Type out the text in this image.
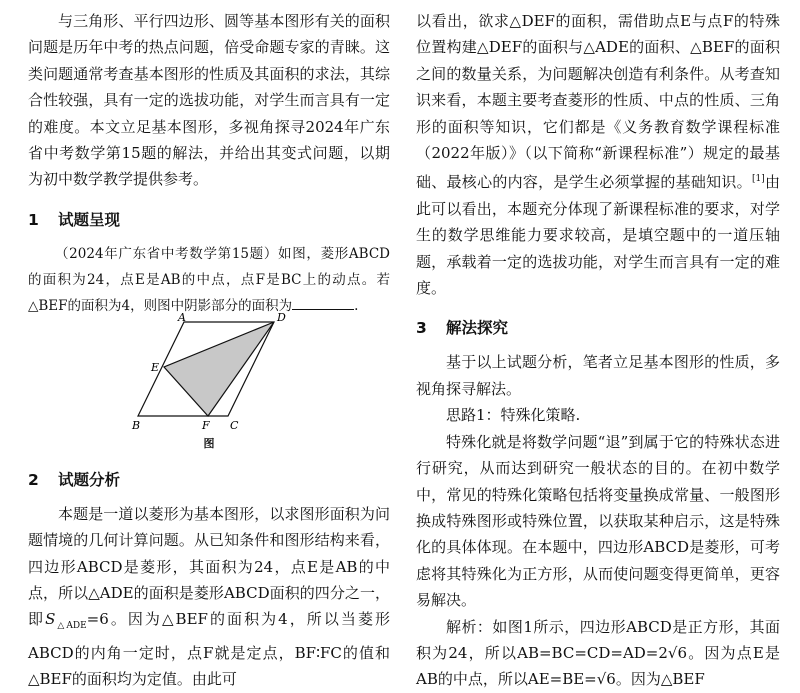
与三角形、平行四边形、圆等基本图形有关的面积问题是历年中考的热点问题，倍受命题专家的青睐。这类问题通常考查基本图形的性质及其面积的求法，其综合性较强，具有一定的选拔功能，对学生而言具有一定的难度。本文立足基本图形，多视角探寻2024年广东省中考数学第15题的解法，并给出其变式问题，以期为初中数学教学提供参考。

1 试题呈现

（2024年广东省中考数学第15题）如图，菱形ABCD的面积为24，点E是AB的中点，点F是BC上的动点。若△BEF的面积为4，则图中阴影部分的面积为	.

A	D
E
B	F C
图
2 试题分析

本题是一道以菱形为基本图形，以求图形面积为问题情境的几何计算问题。从已知条件和图形结构来看，四边形ABCD是菱形，其面积为24，点E是AB的中点，所以△ADE的面积是菱形ABCD面积的四分之一，即$S_{\triangle ADE}=6$。因为△BEF的面积为4，所以当菱形ABCD的内角一定时，点F就是定点，BF∶FC的值和△BEF的面积均为定值。由此可

以看出，欲求△DEF的面积，需借助点E与点F的特殊位置构建△DEF的面积与△ADE的面积、△BEF的面积之间的数量关系，为问题解决创造有利条件。从考查知识来看，本题主要考查菱形的性质、中点的性质、三角形的面积等知识，它们都是《义务教育数学课程标准（2022年版）》（以下简称“新课程标准”）规定的最基础、最核心的内容，是学生必须掌握的基础知识。[1]由此可以看出，本题充分体现了新课程标准的要求，对学生的数学思维能力要求较高，是填空题中的一道压轴题，承载着一定的选拔功能，对学生而言具有一定的难度。

3 解法探究

基于以上试题分析，笔者立足基本图形的性质，多视角探寻解法。

思路1：特殊化策略.

特殊化就是将数学问题“退”到属于它的特殊状态进行研究，从而达到研究一般状态的目的。在初中数学中，常见的特殊化策略包括将变量换成常量、一般图形换成特殊图形或特殊位置，以获取某种启示，这是特殊化的具体体现。在本题中，四边形ABCD是菱形，可考虑将其特殊化为正方形，从而使问题变得更简单，更容易解决。

解析：如图1所示，四边形ABCD是正方形，其面积为24，所以AB=BC=CD=AD=2√6。因为点E是AB的中点，所以AE=BE=√6。因为△BEF
